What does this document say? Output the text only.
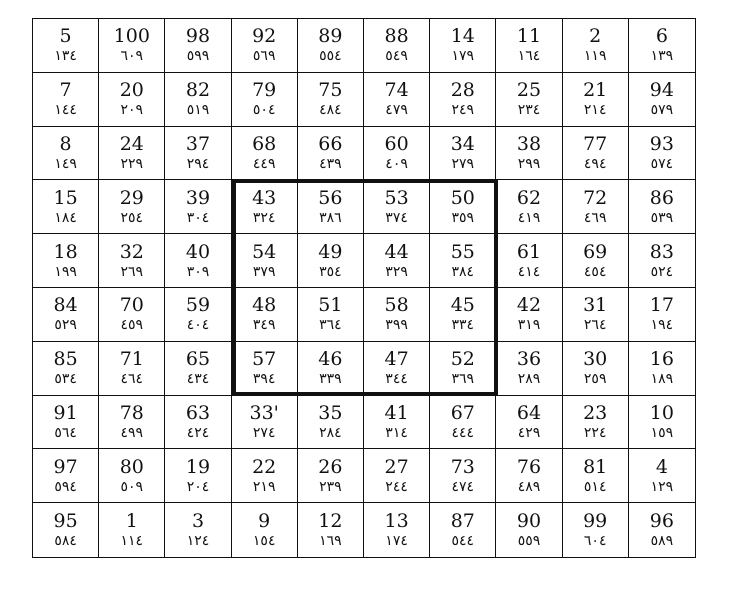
5
١٣٤
100
٦٠٩
98
٥٩٩
92
٥٦٩
89
٥٥٤
88
٥٤٩
14
١٧٩
11
١٦٤
2
١١٩
6
١٣٩
7
١٤٤
20
٢٠٩
82
٥١٩
79
٥٠٤
75
٤٨٤
74
٤٧٩
28
٢٤٩
25
٢٣٤
21
٢١٤
94
٥٧٩
8
١٤٩
24
٢٢٩
37
٢٩٤
68
٤٤٩
66
٤٣٩
60
٤٠٩
34
٢٧٩
38
٢٩٩
77
٤٩٤
93
٥٧٤
15
١٨٤
29
٢٥٤
39
٣٠٤
43
٣٢٤
56
٣٨٦
53
٣٧٤
50
٣٥٩
62
٤١٩
72
٤٦٩
86
٥٣٩
18
١٩٩
32
٢٦٩
40
٣٠٩
54
٣٧٩
49
٣٥٤
44
٣٢٩
55
٣٨٤
61
٤١٤
69
٤٥٤
83
٥٢٤
84
٥٢٩
70
٤٥٩
59
٤٠٤
48
٣٤٩
51
٣٦٤
58
٣٩٩
45
٣٣٤
42
٣١٩
31
٢٦٤
17
١٩٤
85
٥٣٤
71
٤٦٤
65
٤٣٤
57
٣٩٤
46
٣٣٩
47
٣٤٤
52
٣٦٩
36
٢٨٩
30
٢٥٩
16
١٨٩
91
٥٦٤
78
٤٩٩
63
٤٢٤
33'
٢٧٤
35
٢٨٤
41
٣١٤
67
٤٤٤
64
٤٢٩
23
٢٢٤
10
١٥٩
97
٥٩٤
80
٥٠٩
19
٢٠٤
22
٢١٩
26
٢٣٩
27
٢٤٤
73
٤٧٤
76
٤٨٩
81
٥١٤
4
١٢٩
95
٥٨٤
1
١١٤
3
١٢٤
9
١٥٤
12
١٦٩
13
١٧٤
87
٥٤٤
90
٥٥٩
99
٦٠٤
96
٥٨٩
